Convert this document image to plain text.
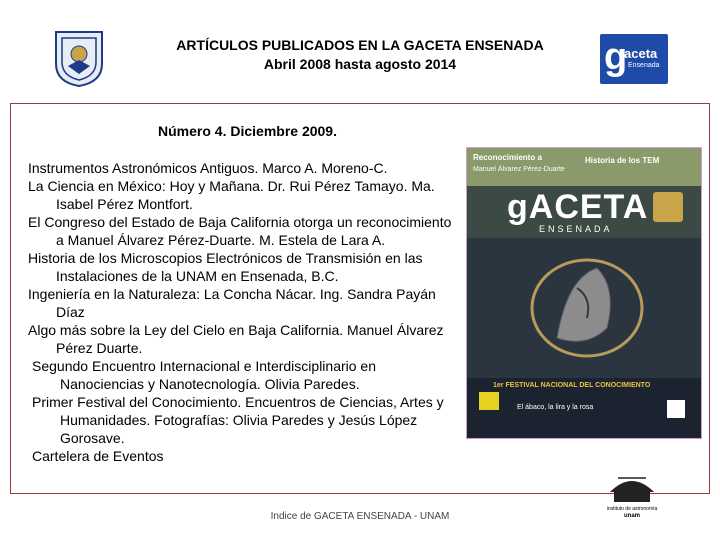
ARTÍCULOS PUBLICADOS EN LA GACETA ENSENADA
Abril 2008 hasta agosto 2014	g
aceta
Ensenada
Número 4. Diciembre 2009.
Instrumentos Astronómicos Antiguos. Marco A. Moreno-C.
La Ciencia en México: Hoy y Mañana. Dr. Rui Pérez Tamayo. Ma. Isabel Pérez Montfort.
El Congreso del Estado de Baja California otorga un reconocimiento a Manuel Álvarez Pérez-Duarte. M. Estela de Lara A.
Historia de los Microscopios Electrónicos de Transmisión en las Instalaciones de la UNAM en Ensenada, B.C.
Ingeniería en la Naturaleza: La Concha Nácar. Ing. Sandra Payán Díaz
Algo más sobre la Ley del Cielo en Baja California. Manuel Álvarez Pérez Duarte.
Segundo Encuentro Internacional e Interdisciplinario en Nanociencias y Nanotecnología. Olivia Paredes.
Primer Festival del Conocimiento. Encuentros de Ciencias, Artes y Humanidades. Fotografías: Olivia Paredes y Jesús López Gorosave.
Cartelera de Eventos
Reconocimiento a
Manuel Álvarez Pérez-Duarte
Historia de los TEM
gACETA
ENSENADA
1er FESTIVAL NACIONAL DEL CONOCIMIENTO
El ábaco, la lira y la rosa
instituto de astronomía
unam
Indice de GACETA ENSENADA - UNAM
